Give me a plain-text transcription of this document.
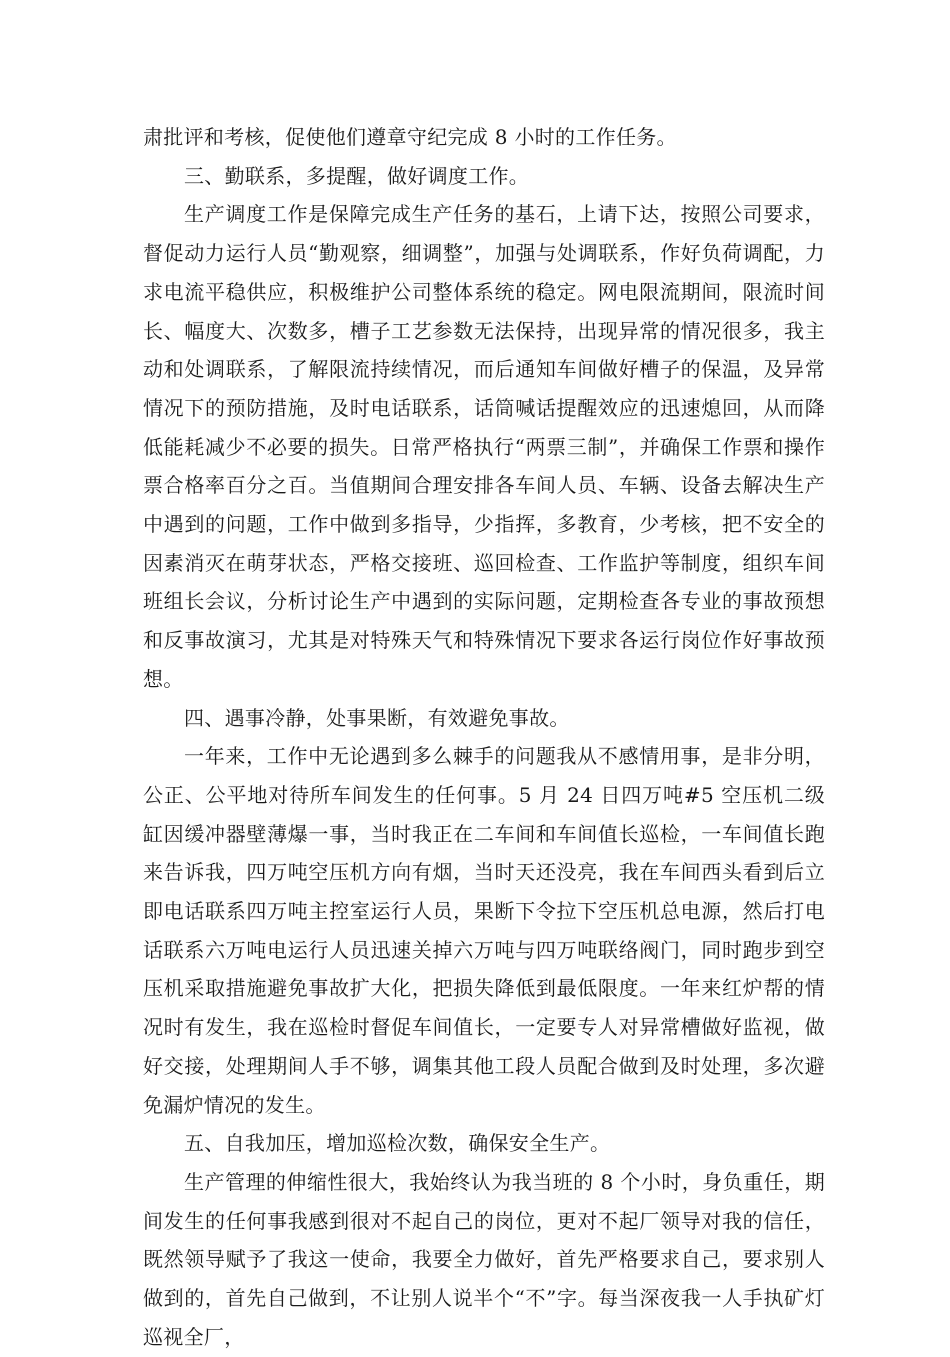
肃批评和考核，促使他们遵章守纪完成 8 小时的工作任务。

三、勤联系，多提醒，做好调度工作。

生产调度工作是保障完成生产任务的基石，上请下达，按照公司要求，督促动力运行人员“勤观察，细调整”，加强与处调联系，作好负荷调配，力求电流平稳供应，积极维护公司整体系统的稳定。网电限流期间，限流时间长、幅度大、次数多，槽子工艺参数无法保持，出现异常的情况很多，我主动和处调联系，了解限流持续情况，而后通知车间做好槽子的保温，及异常情况下的预防措施，及时电话联系，话筒喊话提醒效应的迅速熄回，从而降低能耗减少不必要的损失。日常严格执行“两票三制”，并确保工作票和操作票合格率百分之百。当值期间合理安排各车间人员、车辆、设备去解决生产中遇到的问题，工作中做到多指导，少指挥，多教育，少考核，把不安全的因素消灭在萌芽状态，严格交接班、巡回检查、工作监护等制度，组织车间班组长会议，分析讨论生产中遇到的实际问题，定期检查各专业的事故预想和反事故演习，尤其是对特殊天气和特殊情况下要求各运行岗位作好事故预想。

四、遇事冷静，处事果断，有效避免事故。

一年来，工作中无论遇到多么棘手的问题我从不感情用事，是非分明，公正、公平地对待所车间发生的任何事。5 月 24 日四万吨#5 空压机二级缸因缓冲器壁薄爆一事，当时我正在二车间和车间值长巡检，一车间值长跑来告诉我，四万吨空压机方向有烟，当时天还没亮，我在车间西头看到后立即电话联系四万吨主控室运行人员，果断下令拉下空压机总电源，然后打电话联系六万吨电运行人员迅速关掉六万吨与四万吨联络阀门，同时跑步到空压机采取措施避免事故扩大化，把损失降低到最低限度。一年来红炉帮的情况时有发生，我在巡检时督促车间值长，一定要专人对异常槽做好监视，做好交接，处理期间人手不够，调集其他工段人员配合做到及时处理，多次避免漏炉情况的发生。

五、自我加压，增加巡检次数，确保安全生产。

生产管理的伸缩性很大，我始终认为我当班的 8 个小时，身负重任，期间发生的任何事我感到很对不起自己的岗位，更对不起厂领导对我的信任，既然领导赋予了我这一使命，我要全力做好，首先严格要求自己，要求别人做到的，首先自己做到，不让别人说半个“不”字。每当深夜我一人手执矿灯巡视全厂，
